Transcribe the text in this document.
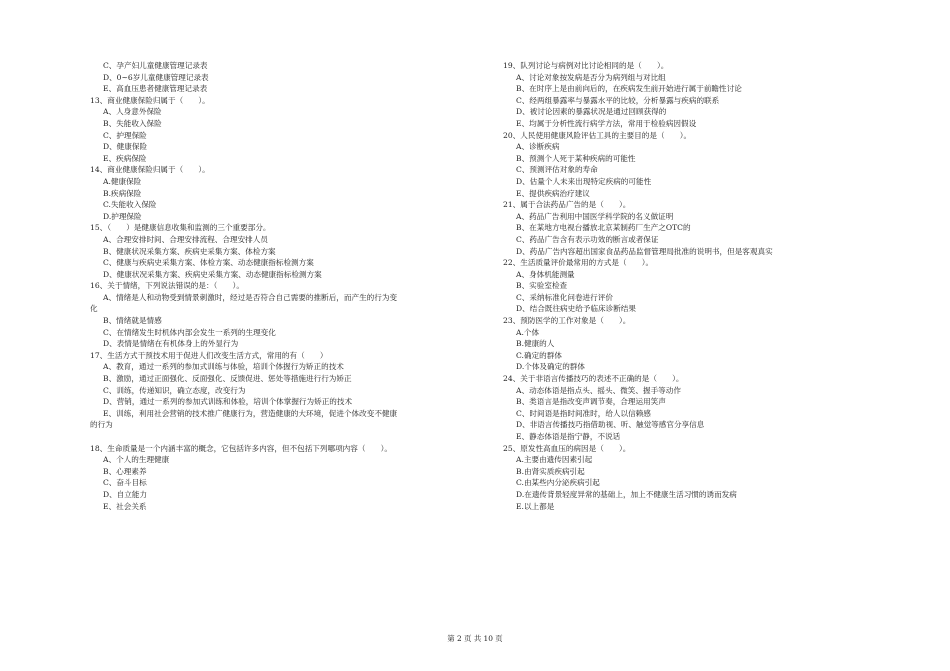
C、孕产妇儿童健康管理记录表
D、0~6岁儿童健康管理记录表
E、高血压患者健康管理记录表
13、商业健康保险归属于（　　）。
A、人身意外保险
B、失能收入保险
C、护理保险
D、健康保险
E、疾病保险
14、商业健康保险归属于（　　）。
A.健康保险
B.疾病保险
C.失能收入保险
D.护理保险
15、（　　）是健康信息收集和监测的三个重要部分。
A、合理安排时间、合理安排流程、合理安排人员
B、健康状况采集方案、疾病史采集方案、体检方案
C、健康与疾病史采集方案、体检方案、动态健康指标检测方案
D、健康状况采集方案、疾病史采集方案、动态健康指标检测方案
16、关于情绪，下列说法错误的是：（　　）。
A、情绪是人和动物受到情景刺激时，经过是否符合自己需要的推断后，而产生的行为变
化
B、情绪就是情感
C、在情绪发生时机体内部会发生一系列的生理变化
D、表情是情绪在有机体身上的外显行为
17、生活方式干预技术用于促进人们改变生活方式，常用的有（　　）
A、教育，通过一系列的参加式训练与体验，培训个体握行为矫正的技术
B、激励，通过正面强化、反面强化、反馈促进、惩处等措施进行行为矫正
C、训练，传递知识，确立态度，改变行为
D、营销，通过一系列的参加式训练和体验，培训个体掌握行为矫正的技术
E、训练，利用社会营销的技术推广健康行为，营造健康的大环境，促进个体改变不健康
的行为
18、生命质量是一个内涵丰富的概念，它包括许多内容，但不包括下列哪项内容（　　）。
A、个人的生理健康
B、心理素养
C、奋斗目标
D、自立能力
E、社会关系
19、队列讨论与病例对比讨论相同的是（　　）。
A、讨论对象按发病是否分为病列组与对比组
B、在时序上是由前向后的，在疾病发生前开始进行属于前瞻性讨论
C、经两组暴露率与暴露水平的比较，分析暴露与疾病的联系
D、被讨论因素的暴露状况是通过回顾获得的
E、均属于分析性流行病学方法，常用于检验病因假设
20、人民使用健康风险评估工具的主要目的是（　　）。
A、诊断疾病
B、预测个人死于某种疾病的可能性
C、预测评估对象的寿命
D、估量个人未来出现特定疾病的可能性
E、提供疾病治疗建议
21、属于合法药品广告的是（　　）。
A、药品广告利用中国医学科学院的名义做证明
B、在某地方电视台播放北京某制药厂生产之OTC的
C、药品广告含有表示功效的断言或者保证
D、药品广告内容超出国家食品药品监督管理局批准的说明书，但是客观真实
22、生活质量评价最常用的方式是（　　）。
A、身体机能测量
B、实验室检查
C、采纳标准化问卷进行评价
D、结合既往病史给予临床诊断结果
23、预防医学的工作对象是（　　）。
A.个体
B.健康的人
C.确定的群体
D.个体及确定的群体
24、关于非语言传播技巧的表述不正确的是（　　）。
A、动态体语是指点头、摇头、微笑、握手等动作
B、类语言是指改变声调节奏，合理运用笑声
C、时间语是指时间准时，给人以信赖感
D、非语言传播技巧指借助视、听、触觉等感官分享信息
E、静态体语是指宁静，不说话
25、原发性高血压的病因是（　　）。
A.主要由遗传因素引起
B.由肾实质疾病引起
C.由某些内分泌疾病引起
D.在遗传背景轻度异常的基础上，加上不健康生活习惯的诱而发病
E.以上都是
第 2 页 共 10 页
